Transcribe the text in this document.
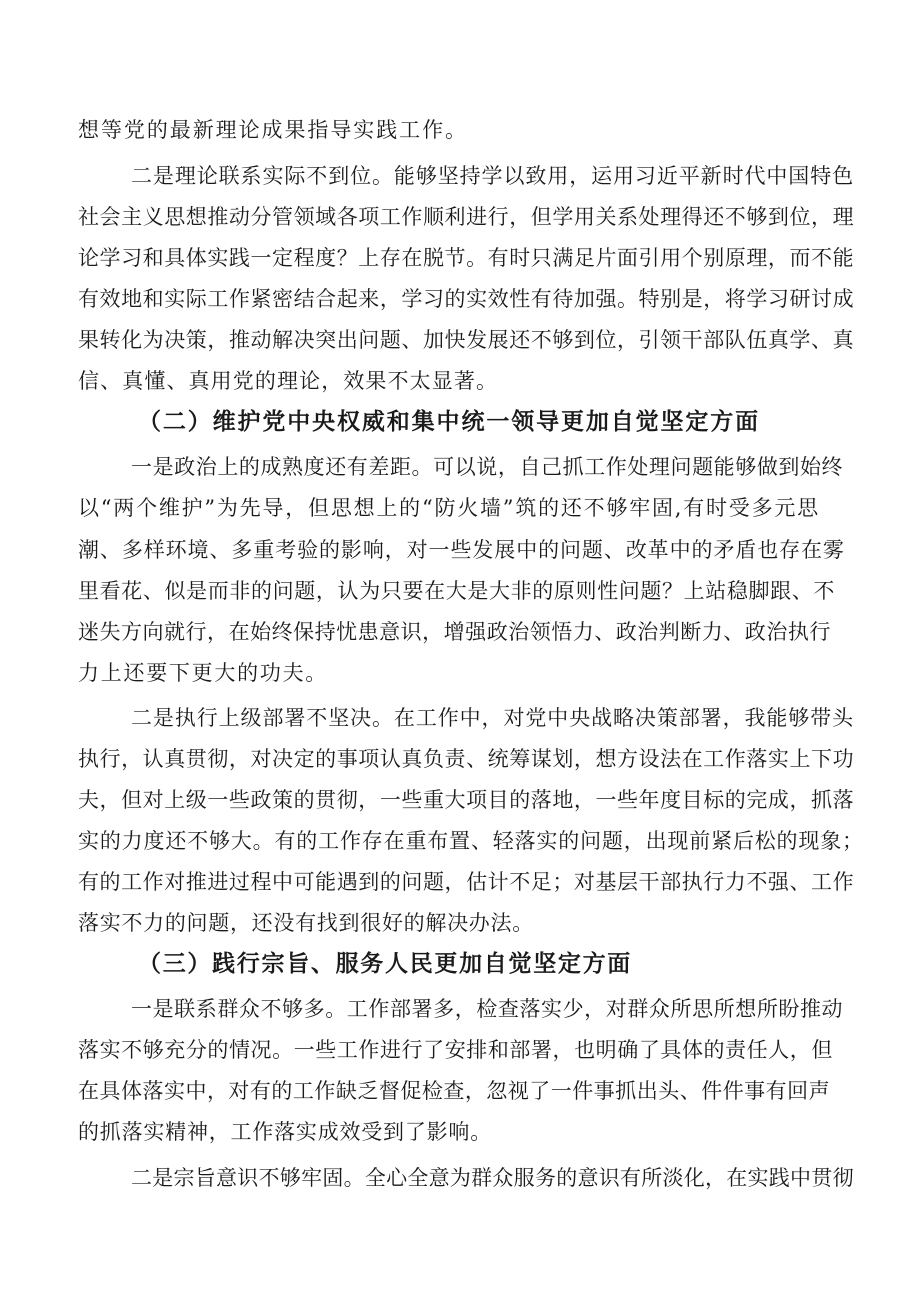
想等党的最新理论成果指导实践工作。
二是理论联系实际不到位。能够坚持学以致用，运用习近平新时代中国特色
社会主义思想推动分管领域各项工作顺利进行，但学用关系处理得还不够到位，理
论学习和具体实践一定程度？上存在脱节。有时只满足片面引用个别原理，而不能
有效地和实际工作紧密结合起来，学习的实效性有待加强。特别是，将学习研讨成
果转化为决策，推动解决突出问题、加快发展还不够到位，引领干部队伍真学、真
信、真懂、真用党的理论，效果不太显著。
（二）维护党中央权威和集中统一领导更加自觉坚定方面
一是政治上的成熟度还有差距。可以说，自己抓工作处理问题能够做到始终
以“两个维护”为先导，但思想上的“防火墙”筑的还不够牢固,有时受多元思
潮、多样环境、多重考验的影响，对一些发展中的问题、改革中的矛盾也存在雾
里看花、似是而非的问题，认为只要在大是大非的原则性问题？上站稳脚跟、不
迷失方向就行，在始终保持忧患意识，增强政治领悟力、政治判断力、政治执行
力上还要下更大的功夫。
二是执行上级部署不坚决。在工作中，对党中央战略决策部署，我能够带头
执行，认真贯彻，对决定的事项认真负责、统筹谋划，想方设法在工作落实上下功
夫，但对上级一些政策的贯彻，一些重大项目的落地，一些年度目标的完成，抓落
实的力度还不够大。有的工作存在重布置、轻落实的问题，出现前紧后松的现象；
有的工作对推进过程中可能遇到的问题，估计不足；对基层干部执行力不强、工作
落实不力的问题，还没有找到很好的解决办法。
（三）践行宗旨、服务人民更加自觉坚定方面
一是联系群众不够多。工作部署多，检查落实少，对群众所思所想所盼推动
落实不够充分的情况。一些工作进行了安排和部署，也明确了具体的责任人，但
在具体落实中，对有的工作缺乏督促检查，忽视了一件事抓出头、件件事有回声
的抓落实精神，工作落实成效受到了影响。
二是宗旨意识不够牢固。全心全意为群众服务的意识有所淡化，在实践中贯彻
